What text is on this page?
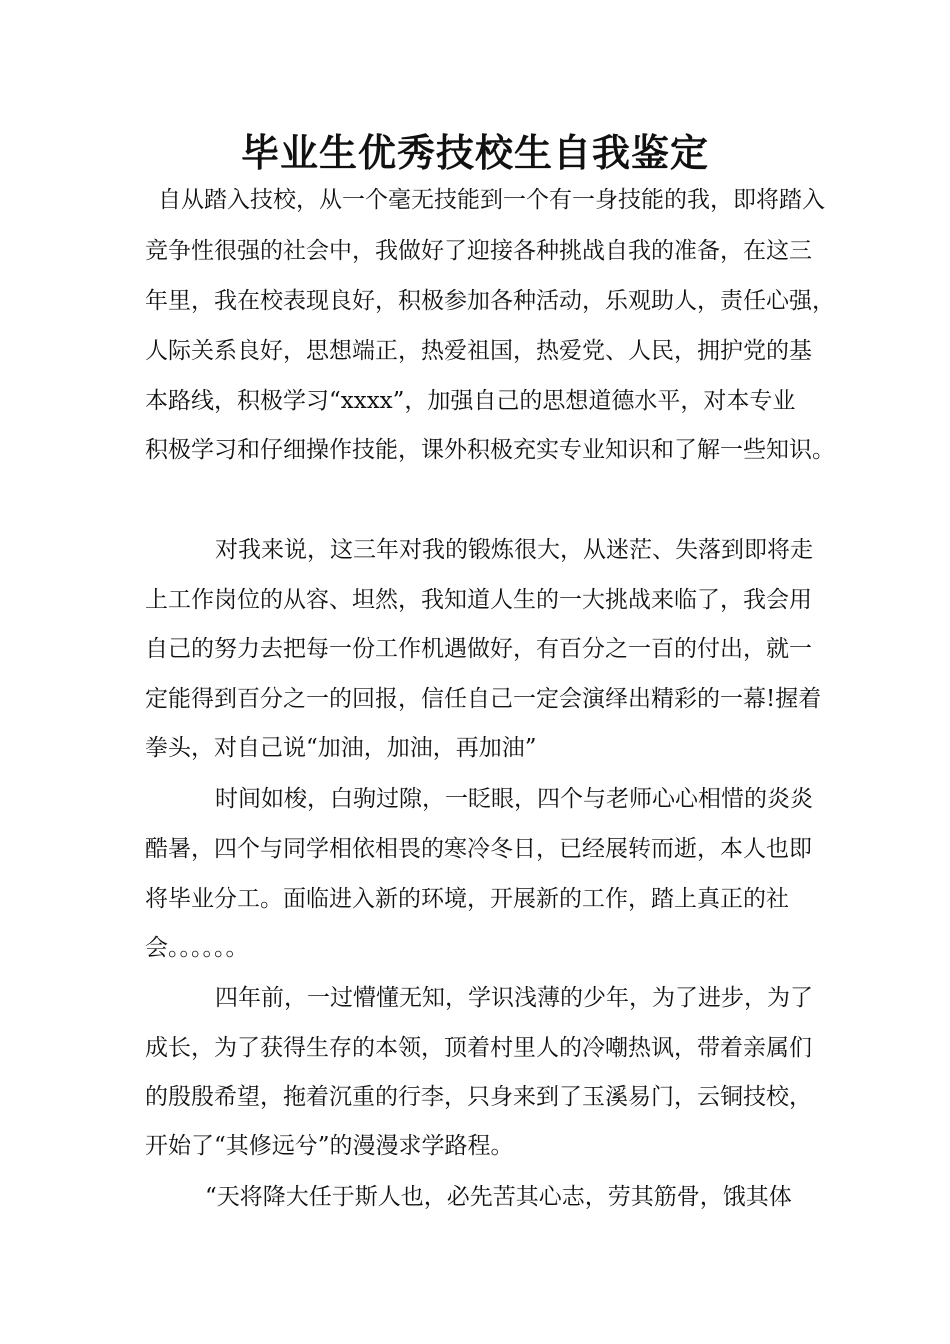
毕业生优秀技校生自我鉴定

自从踏入技校，从一个毫无技能到一个有一身技能的我，即将踏入

竞争性很强的社会中，我做好了迎接各种挑战自我的准备，在这三

年里，我在校表现良好，积极参加各种活动，乐观助人，责任心强，

人际关系良好，思想端正，热爱祖国，热爱党、人民，拥护党的基

本路线，积极学习“xxxx”，加强自己的思想道德水平，对本专业

积极学习和仔细操作技能，课外积极充实专业知识和了解一些知识。

对我来说，这三年对我的锻炼很大，从迷茫、失落到即将走

上工作岗位的从容、坦然，我知道人生的一大挑战来临了，我会用

自己的努力去把每一份工作机遇做好，有百分之一百的付出，就一

定能得到百分之一的回报，信任自己一定会演绎出精彩的一幕!握着

拳头，对自己说“加油，加油，再加油”

时间如梭，白驹过隙，一眨眼，四个与老师心心相惜的炎炎

酷暑，四个与同学相依相畏的寒冷冬日，已经展转而逝，本人也即

将毕业分工。面临进入新的环境，开展新的工作，踏上真正的社

会。。。。。。

四年前，一过懵懂无知，学识浅薄的少年，为了进步，为了

成长，为了获得生存的本领，顶着村里人的冷嘲热讽，带着亲属们

的殷殷希望，拖着沉重的行李，只身来到了玉溪易门，云铜技校，

开始了“其修远兮”的漫漫求学路程。

“天将降大任于斯人也，必先苦其心志，劳其筋骨，饿其体
